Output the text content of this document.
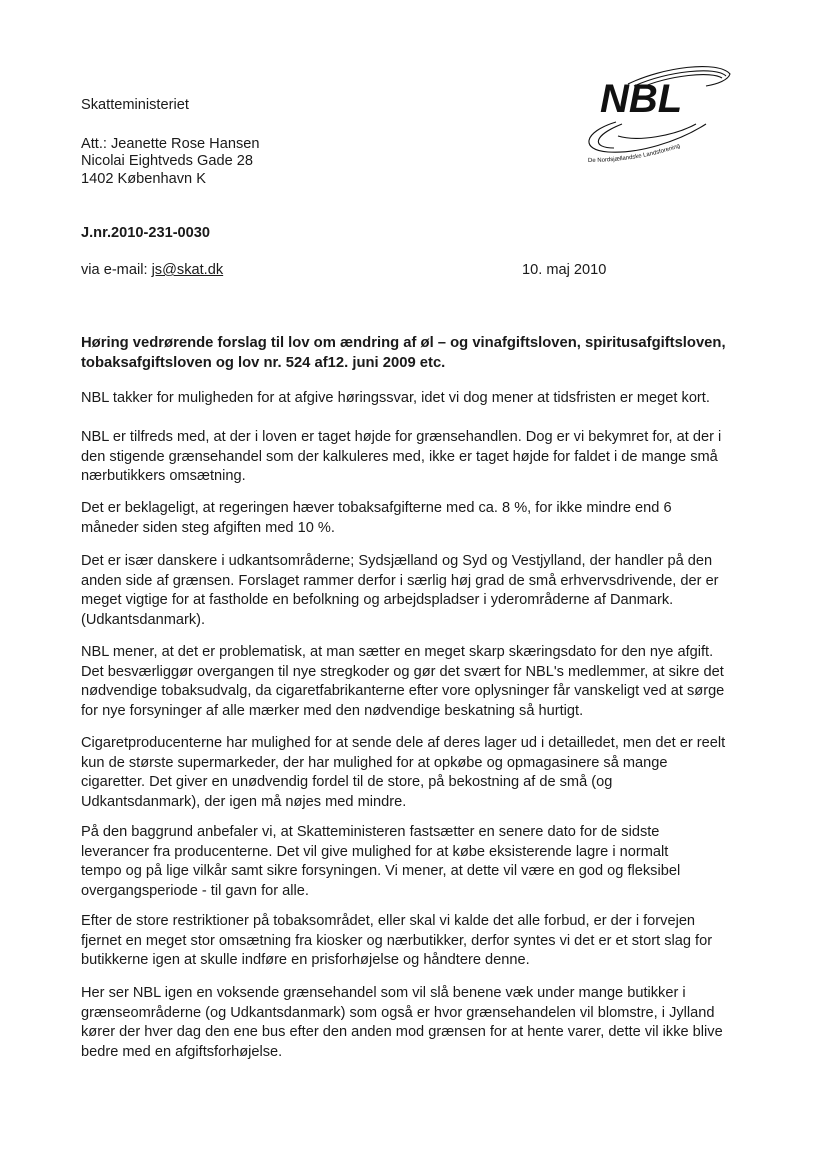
Skatteministeriet
Att.: Jeanette Rose Hansen
Nicolai Eightveds Gade 28
1402 København K
J.nr.2010-231-0030
via e-mail: js@skat.dk	10. maj 2010
NBL
De Nordsjællandske Landsforening
Høring vedrørende forslag til lov om ændring af øl – og vinafgiftsloven, spiritusafgiftsloven,
tobaksafgiftsloven og lov nr. 524 af12. juni 2009 etc.
NBL takker for muligheden for at afgive høringssvar, idet vi dog mener at tidsfristen er meget kort.
NBL er tilfreds med, at der i loven er taget højde for grænsehandlen. Dog er vi bekymret for, at der i
den stigende grænsehandel som der kalkuleres med, ikke er taget højde for faldet i de mange små
nærbutikkers omsætning.
Det er beklageligt, at regeringen hæver tobaksafgifterne med ca. 8 %, for ikke mindre end 6
måneder siden steg afgiften med 10 %.
Det er især danskere i udkantsområderne; Sydsjælland og Syd og Vestjylland, der handler på den
anden side af grænsen. Forslaget rammer derfor i særlig høj grad de små erhvervsdrivende, der er
meget vigtige for at fastholde en befolkning og arbejdspladser i yderområderne af Danmark.
(Udkantsdanmark).
NBL mener, at det er problematisk, at man sætter en meget skarp skæringsdato for den nye afgift.
Det besværliggør overgangen til nye stregkoder og gør det svært for NBL's medlemmer, at sikre det
nødvendige tobaksudvalg, da cigaretfabrikanterne efter vore oplysninger får vanskeligt ved at sørge
for nye forsyninger af alle mærker med den nødvendige beskatning så hurtigt.
Cigaretproducenterne har mulighed for at sende dele af deres lager ud i detailledet, men det er reelt
kun de største supermarkeder, der har mulighed for at opkøbe og opmagasinere så mange
cigaretter. Det giver en unødvendig fordel til de store, på bekostning af de små (og
Udkantsdanmark), der igen må nøjes med mindre.
På den baggrund anbefaler vi, at Skatteministeren fastsætter en senere dato for de sidste
leverancer fra producenterne. Det vil give mulighed for at købe eksisterende lagre i normalt
tempo og på lige vilkår samt sikre forsyningen. Vi mener, at dette vil være en god og fleksibel
overgangsperiode - til gavn for alle.
Efter de store restriktioner på tobaksområdet, eller skal vi kalde det alle forbud, er der i forvejen
fjernet en meget stor omsætning fra kiosker og nærbutikker, derfor syntes vi det er et stort slag for
butikkerne igen at skulle indføre en prisforhøjelse og håndtere denne.
Her ser NBL igen en voksende grænsehandel som vil slå benene væk under mange butikker i
grænseområderne (og Udkantsdanmark) som også er hvor grænsehandelen vil blomstre, i Jylland
kører der hver dag den ene bus efter den anden mod grænsen for at hente varer, dette vil ikke blive
bedre med en afgiftsforhøjelse.
